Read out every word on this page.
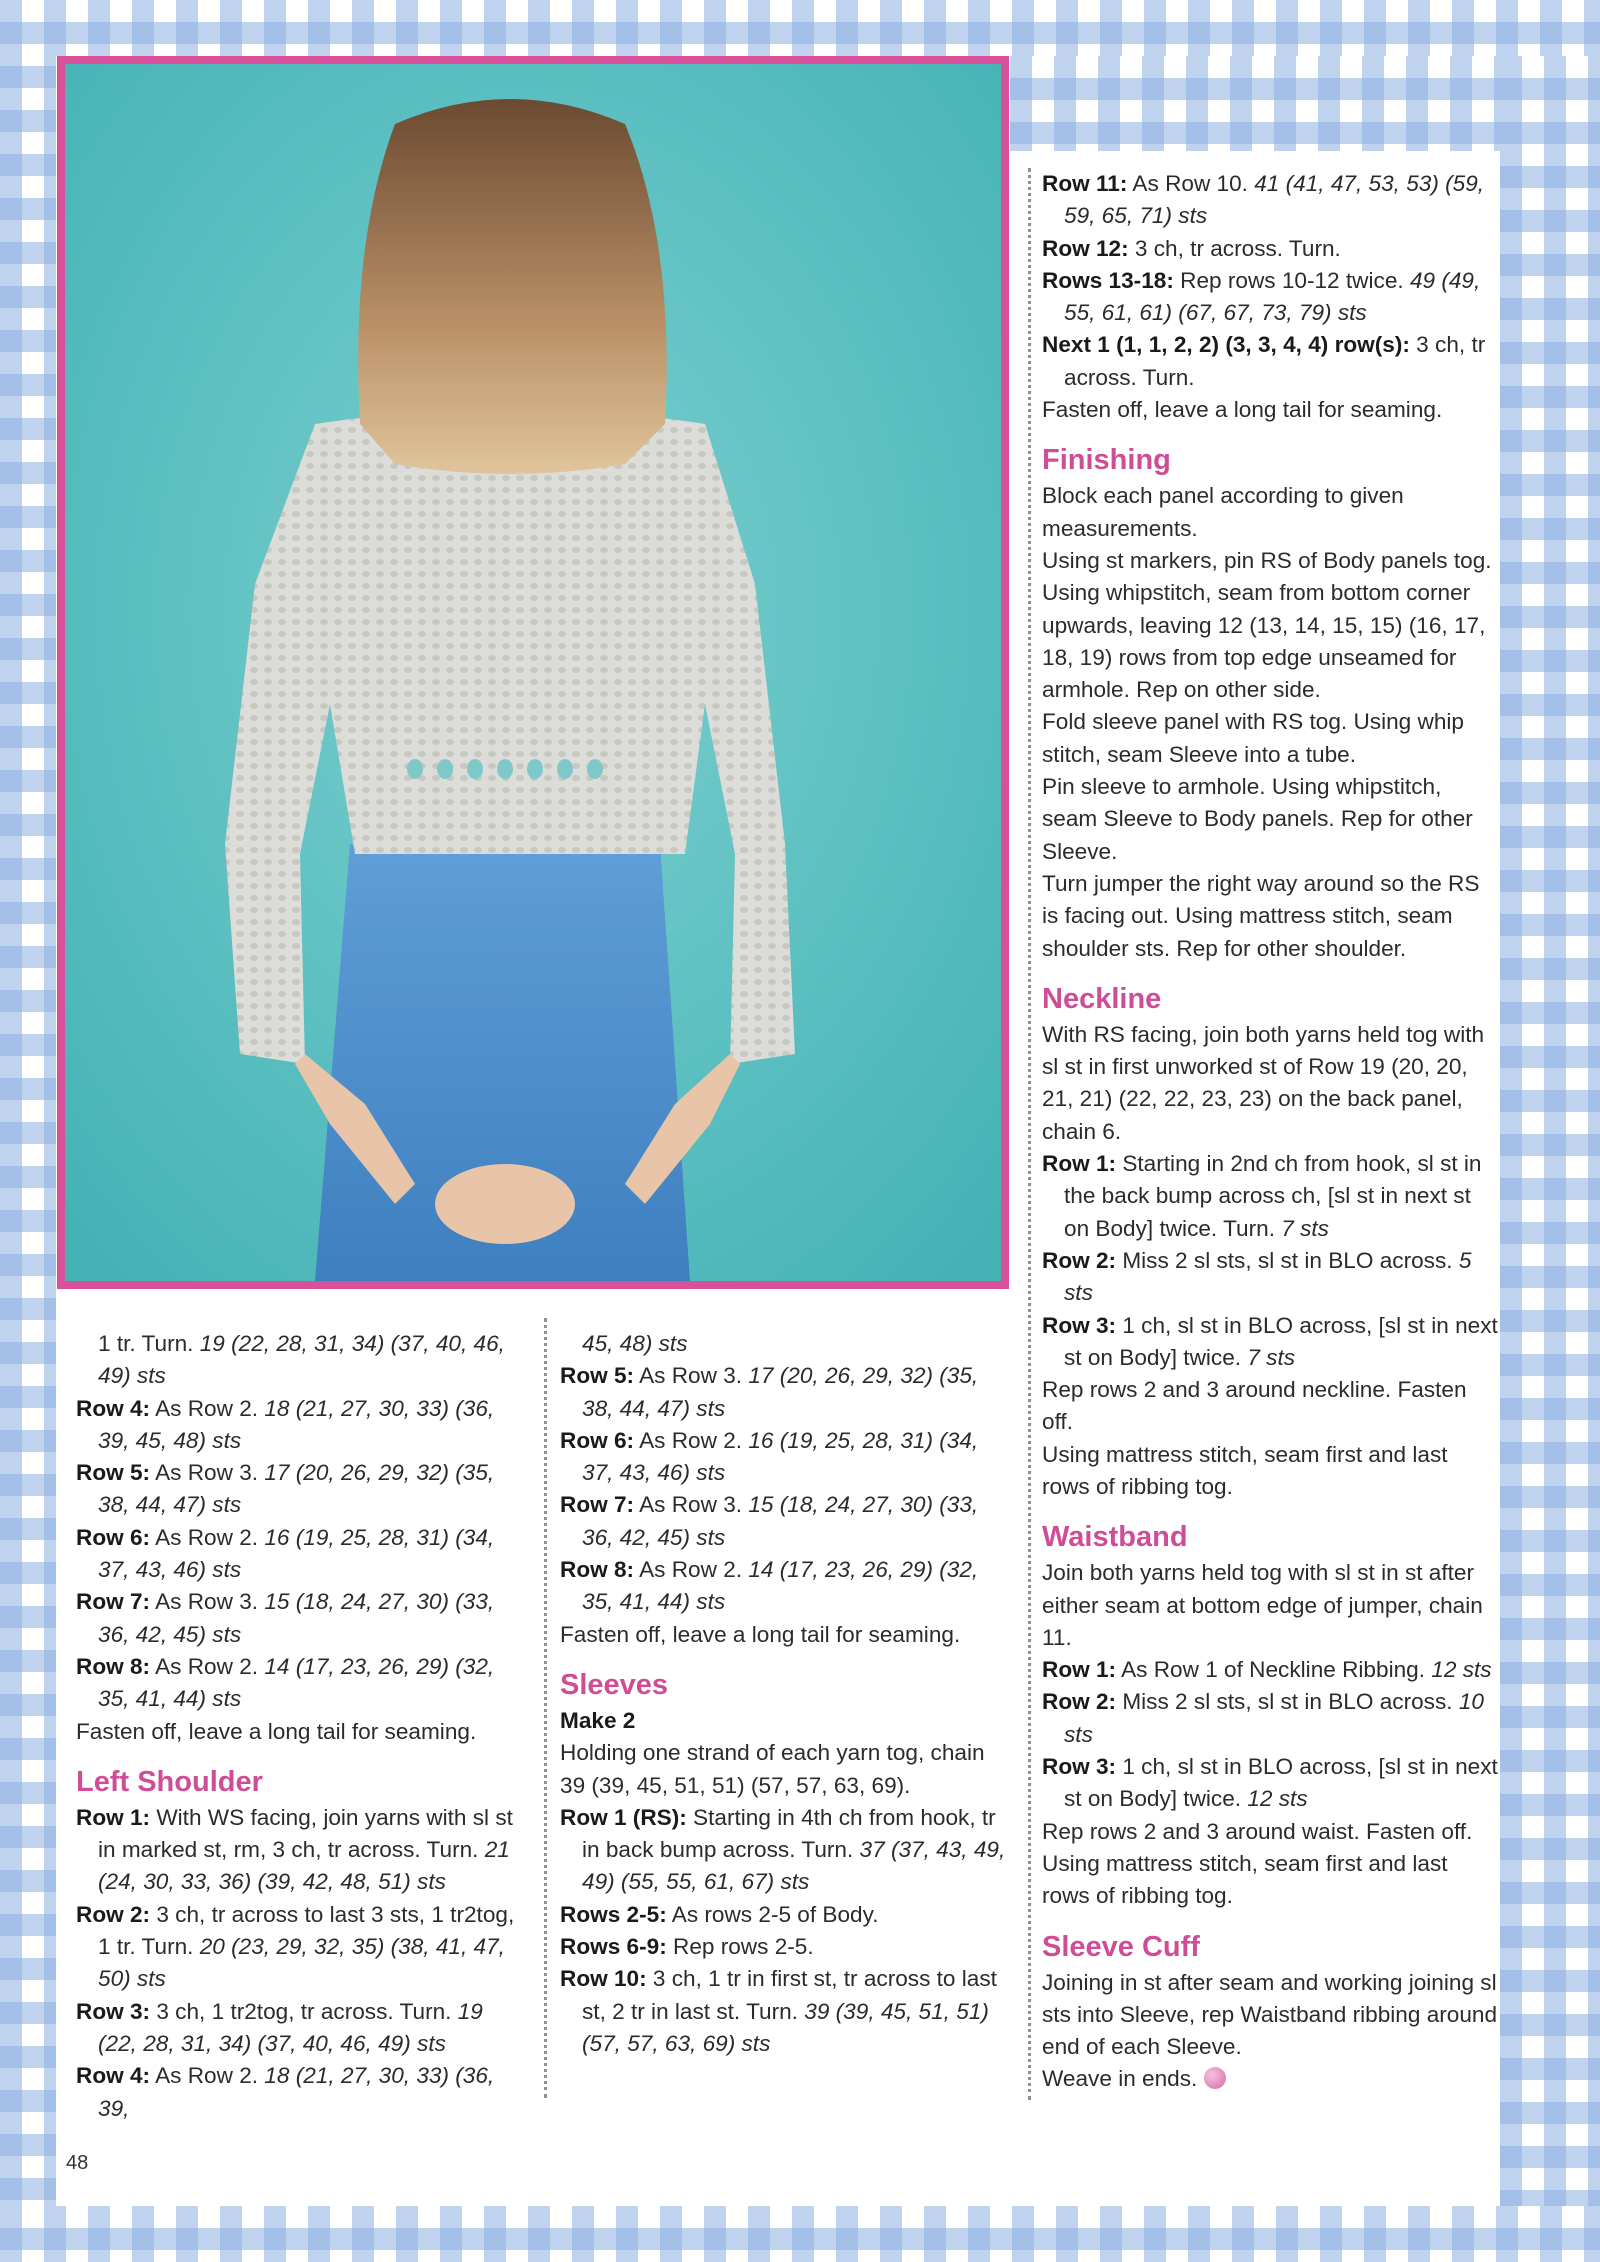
1 tr. Turn. 19 (22, 28, 31, 34) (37, 40, 46, 49) sts

Row 4: As Row 2. 18 (21, 27, 30, 33) (36, 39, 45, 48) sts

Row 5: As Row 3. 17 (20, 26, 29, 32) (35, 38, 44, 47) sts

Row 6: As Row 2. 16 (19, 25, 28, 31) (34, 37, 43, 46) sts

Row 7: As Row 3. 15 (18, 24, 27, 30) (33, 36, 42, 45) sts

Row 8: As Row 2. 14 (17, 23, 26, 29) (32, 35, 41, 44) sts

Fasten off, leave a long tail for seaming.

Left Shoulder

Row 1: With WS facing, join yarns with sl st in marked st, rm, 3 ch, tr across. Turn. 21 (24, 30, 33, 36) (39, 42, 48, 51) sts

Row 2: 3 ch, tr across to last 3 sts, 1 tr2tog, 1 tr. Turn. 20 (23, 29, 32, 35) (38, 41, 47, 50) sts

Row 3: 3 ch, 1 tr2tog, tr across. Turn. 19 (22, 28, 31, 34) (37, 40, 46, 49) sts

Row 4: As Row 2. 18 (21, 27, 30, 33) (36, 39,

45, 48) sts

Row 5: As Row 3. 17 (20, 26, 29, 32) (35, 38, 44, 47) sts

Row 6: As Row 2. 16 (19, 25, 28, 31) (34, 37, 43, 46) sts

Row 7: As Row 3. 15 (18, 24, 27, 30) (33, 36, 42, 45) sts

Row 8: As Row 2. 14 (17, 23, 26, 29) (32, 35, 41, 44) sts

Fasten off, leave a long tail for seaming.

Sleeves

Make 2

Holding one strand of each yarn tog, chain 39 (39, 45, 51, 51) (57, 57, 63, 69).

Row 1 (RS): Starting in 4th ch from hook, tr in back bump across. Turn. 37 (37, 43, 49, 49) (55, 55, 61, 67) sts

Rows 2-5: As rows 2-5 of Body.

Rows 6-9: Rep rows 2-5.

Row 10: 3 ch, 1 tr in first st, tr across to last st, 2 tr in last st. Turn. 39 (39, 45, 51, 51) (57, 57, 63, 69) sts

Row 11: As Row 10. 41 (41, 47, 53, 53) (59, 59, 65, 71) sts

Row 12: 3 ch, tr across. Turn.

Rows 13-18: Rep rows 10-12 twice. 49 (49, 55, 61, 61) (67, 67, 73, 79) sts

Next 1 (1, 1, 2, 2) (3, 3, 4, 4) row(s): 3 ch, tr across. Turn.

Fasten off, leave a long tail for seaming.

Finishing

Block each panel according to given measurements.

Using st markers, pin RS of Body panels tog. Using whipstitch, seam from bottom corner upwards, leaving 12 (13, 14, 15, 15) (16, 17, 18, 19) rows from top edge unseamed for armhole. Rep on other side.

Fold sleeve panel with RS tog. Using whip stitch, seam Sleeve into a tube.

Pin sleeve to armhole. Using whipstitch, seam Sleeve to Body panels. Rep for other Sleeve.

Turn jumper the right way around so the RS is facing out. Using mattress stitch, seam shoulder sts. Rep for other shoulder.

Neckline

With RS facing, join both yarns held tog with sl st in first unworked st of Row 19 (20, 20, 21, 21) (22, 22, 23, 23) on the back panel, chain 6.

Row 1: Starting in 2nd ch from hook, sl st in the back bump across ch, [sl st in next st on Body] twice. Turn. 7 sts

Row 2: Miss 2 sl sts, sl st in BLO across. 5 sts

Row 3: 1 ch, sl st in BLO across, [sl st in next st on Body] twice. 7 sts

Rep rows 2 and 3 around neckline. Fasten off.

Using mattress stitch, seam first and last rows of ribbing tog.

Waistband

Join both yarns held tog with sl st in st after either seam at bottom edge of jumper, chain 11.

Row 1: As Row 1 of Neckline Ribbing. 12 sts

Row 2: Miss 2 sl sts, sl st in BLO across. 10 sts

Row 3: 1 ch, sl st in BLO across, [sl st in next st on Body] twice. 12 sts

Rep rows 2 and 3 around waist. Fasten off.

Using mattress stitch, seam first and last rows of ribbing tog.

Sleeve Cuff

Joining in st after seam and working joining sl sts into Sleeve, rep Waistband ribbing around end of each Sleeve.

Weave in ends.

48
